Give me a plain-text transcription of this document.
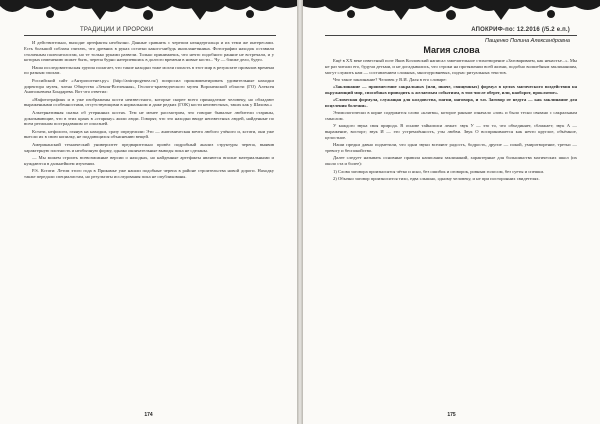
ТРАДИЦИИ И ПРОРОКИ

И действительно, выходят артефакты необычно. Данные сравнить с черепом неандертальца и их теми же интересами. Есть большой соблазн считать, что древних в руках остатки какого-нибудь инопланетянина. Фотографии находок оставили столичным палеонтологам, но те только руками развели. Только принимаешь, что нечто подобного ранние не встречали, и у которых изменению может быть, черепа бурно натерпевшись в долгого времени в новые кости... Чу — ближе дело, будто.

Наша исследовательская группа полагает, что такие находки тоже могли попасть в этот мир в результате провалов времени по разным эпохам.

Российский сайт «Антропогенез.ру» (http://antropogenez.ru/) попросил прокомментировать удивительные находки директора музея, члена Общества «Земля-Вселенная», Геолого-краеведческого музея Воронежской области (ГО) Алексея Анатольевича Бондарева. Вот что ответил:

«Нафототрафиях и в уже изображены кости неизвестного, которые скорее всего принадлежат человеку, но обладают выраженными особенностями, отсутствующими в нормальном и даже редких (ГОК) кости неизвестных, таких как у Шахова.»

Альтернативная сказка об утерянных костях. Тем не менее рассмотрим, что говорят бывалые любители старины, доказывающие, что в этих краях в «старину» жили люди. Говорят, что это находки ввиде неизвестных людей, найденные по всем регионам пострадавшим от оползней.

Кстати, нефологи, глянув на находки, сразу определили: Это — анатомическая мечта любого учёного и, кстати, они уже внесли их в свою копилку, не поддающихся объяснению вещей.

Американский технический университет предварительно провёл подробный анализ структуры черепа, выявив характерную плотность и необычную форму, однако окончательные выводы пока не сделаны.

— Мы можем строить всевозможные версии о находках, но найденные артефакты являются вполне материальными и нуждаются в дальнейшем изучении.

P.S. Кстати: Летом этого года в Прикамье уже нашли подобные черепа в районе строительства новой дороги. Находку также передали специалистам, но результаты исследования пока не опубликованы.

174
АПОКРИФ-по: 12.2016 (/5.2 е.п.)
Пащенко Полина Александровна
Магия слова

Ещё в XX веке известный поэт Яков Козловский написал замечательное стихотворение «Заговариваем, как ненастье...». Мы не раз читали его, будучи детьми, и не догадывались, что строки на протяжении всей жизни, подобно волшебным заклинаниям, могут служить нам — составлением сложных, многоуровневых, подчас ритуальных текстов.

Что такое заклинание? Человек у В.И. Даля в его словаре:

«Заклинание — произнесение сакральных (или, иначе, священных) формул в целях магического воздействия на окружающий мир, способных приводить к желаемым событиям, в том числе оберег, или, наоборот, проклятие».

«Словесная формула, служащая для колдовства, магии, наговора, и т.п. Заговор от недуга — как заклинание для исцеления болезни».

Этимологически в корне содержится слово «клятва», которое раньше означало «зов» и было тесно связано с сакральным смыслом.

У каждого звука своя природа. В основе тайнописи лежат: звук У — это то, что объединяет, сближает; звук А — выражение, восторг; звук И — это устремлённость, узы любви. Звук О воспринимается как нечто круглое, объёмное, целостное.

Наши предки давно подметили, что одни звуки вселяют радость, бодрость, другие — покой, умиротворение, третьи — тревогу и беспокойство.

Далее следует называть основные правила написания заклинаний, характерные для большинства магических школ (их около ста и более):

1) Слова заговора произносятся чётко и ясно, без ошибок и оговорок, ровным голосом, без суеты и спешки.

2) Обычно заговор произносится тихо, едва слышно, одному человеку, и не при посторонних свидетелях.

175
